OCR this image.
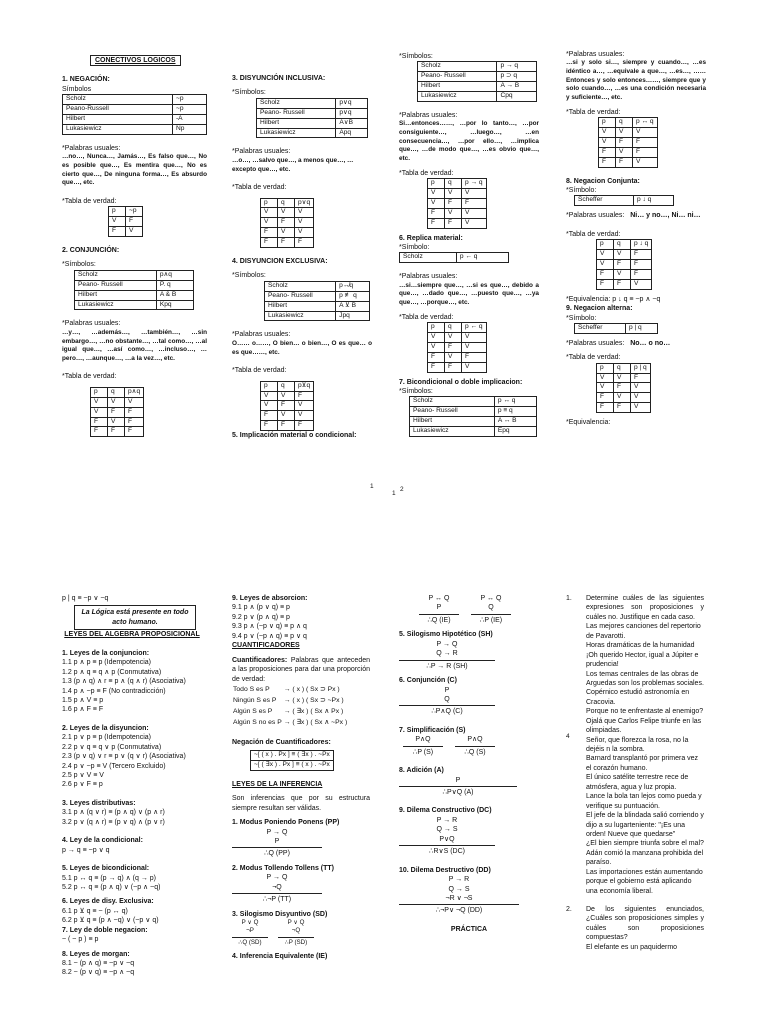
CONECTIVOS LOGICOS
1. NEGACIÓN:
Símbolos
Scholz	~p
Peano-Russell	~p
Hilbert	-A
Lukasiewicz	Np
*Palabras usuales:

…no…, Nunca…, Jamás…, Es falso que…, No es posible que…, Es mentira que…, No es cierto que…, De ninguna forma…, Es absurdo que…, etc.

*Tabla de verdad:
p	~p
V	F
F	V
2. CONJUNCIÓN:
*Símbolos:
Scholz	p∧q
Peano- Russell	P. q
Hilbert	A & B
Lukasiewicz	Kpq
*Palabras usuales:

…y…, …además…, …también…, …sin embargo…, …no obstante…, …tal como…, …al igual que…, …así como…, …incluso…, …pero…, …aunque…, …a la vez…, etc.

*Tabla de verdad:
p	q	p∧q
V	V	V
V	F	F
F	V	F
F	F	F
3. DISYUNCIÓN INCLUSIVA:
*Símbolos:
Scholz	p∨q
Peano- Russell	p∨q
Hilbert	A∨B
Lukasiewicz	Apq
*Palabras usuales:

…o…, …salvo que…, a menos que…, …excepto que…, etc.

*Tabla de verdad:
p	q	p∨q
V	V	V
V	F	V
F	V	V
F	F	F
4. DISYUNCION EXCLUSIVA:
*Símbolos:
Scholz	p↮q
Peano- Russell	p ≢ q
Hilbert	A ⊻ B
Lukasiewicz	Jpq
*Palabras usuales:

O…… o……, O bien… o bien…, O es que… o es que……, etc.

*Tabla de verdad:
p	q	p⊻q
V	V	F
V	F	V
F	V	V
F	F	F
5. Implicación material o condicional:
*Símbolos:
Scholz	p → q
Peano- Russell	p ⊃ q
Hilbert	A → B
Lukasiewicz	Cpq
*Palabras usuales:

Si…entonces……, …por lo tanto…, …por consiguiente…, …luego…, …en consecuencia…, …por ello…, …implica que…, …de modo que…, …es obvio que…, etc.

*Tabla de verdad:
p	q	p → q
V	V	V
V	F	F
F	V	V
F	F	V
6. Replica material:
*Símbolo:
Scholz	p ← q
*Palabras usuales:

…si…siempre que…, …si es que…, debido a que…, …dado que…, …puesto que…, …ya que…, …porque…, etc.

*Tabla de verdad:
p	q	p ← q
V	V	V
V	F	V
F	V	F
F	F	V
7. Bicondicional o doble implicacion:
*Símbolos:
Scholz	p ↔ q
Peano- Russell	p ≡ q
Hilbert	A ↔ B
Lukasiewicz	Epq
*Palabras usuales:

…si y solo si…, siempre y cuando…, …es idéntico a…, …equivale a que…, …es…, ……Entonces y solo entonces……, siempre que y solo cuando…, …es una condición necesaria y suficiente…, etc.

*Tabla de verdad:
p	q	p ↔ q
V	V	V
V	F	F
F	V	F
F	F	V
8. Negacion Conjunta:
*Símbolo:
Scheffer	p ↓ q
*Palabras usuales: Ni… y no…, Ni… ni…
*Tabla de verdad:
p	q	p ↓ q
V	V	F
V	F	F
F	V	F
F	F	V
*Equivalencia: p ↓ q ≡ ~p ∧ ~q
9. Negacion alterna:
*Símbolo:
Scheffer	p | q
*Palabras usuales: No… o no…
*Tabla de verdad:
p	q	p | q
V	V	F
V	F	V
F	V	V
F	F	V
*Equivalencia:
1
1
2
p | q ≡ ~p ∨ ~q
La Lógica está presente en todo acto humano.
LEYES DEL ALGEBRA PROPOSICIONAL
1. Leyes de la conjuncion:
1.1 p ∧ p ≡ p (Idempotencia)
1.2 p ∧ q ≡ q ∧ p (Conmutativa)
1.3 (p ∧ q) ∧ r ≡ p ∧ (q ∧ r) (Asociativa)
1.4 p ∧ ~p ≡ F (No contradicción)
1.5 p ∧ V ≡ p
1.6 p ∧ F ≡ F
2. Leyes de la disyuncion:
2.1 p ∨ p ≡ p (Idempotencia)
2.2 p ∨ q ≡ q ∨ p (Conmutativa)
2.3 (p ∨ q) ∨ r ≡ p ∨ (q ∨ r) (Asociativa)
2.4 p ∨ ~p ≡ V (Tercero Excluido)
2.5 p ∨ V ≡ V
2.6 p ∨ F ≡ p
3. Leyes distributivas:
3.1 p ∧ (q ∨ r) ≡ (p ∧ q) ∨ (p ∧ r)
3.2 p ∨ (q ∧ r) ≡ (p ∨ q) ∧ (p ∨ r)
4. Ley de la condicional:
p → q ≡ ~p ∨ q
5. Leyes de bicondicional:
5.1 p ↔ q ≡ (p → q) ∧ (q → p)
5.2 p ↔ q ≡ (p ∧ q) ∨ (~p ∧ ~q)
6. Leyes de disy. Exclusiva:
6.1 p ⊻ q ≡ ~ (p ↔ q)
6.2 p ⊻ q ≡ (p ∧ ~q) ∨ (~p ∨ q)
7. Ley de doble negacion:
~ ( ~ p ) ≡ p
8. Leyes de morgan:
8.1 ~ (p ∧ q) ≡ ~p ∨ ~q
8.2 ~ (p ∨ q) ≡ ~p ∧ ~q
9. Leyes de absorcion:
9.1 p ∧ (p ∨ q) ≡ p
9.2 p ∨ (p ∧ q) ≡ p
9.3 p ∧ (~p ∨ q) ≡ p ∧ q
9.4 p ∨ (~p ∧ q) ≡ p ∨ q
CUANTIFICADORES

Cuantificadores: Palabras que anteceden a las proposiciones para dar una proporción de verdad:

Todo S es P	→ ( x ) ( Sx ⊃ Px )
Ningún S es P	→ ( x ) ( Sx ⊃ ~Px )
Algún S es P	→ ( ∃x ) ( Sx ∧ Px )
Algún S no es P	→ ( ∃x ) ( Sx ∧ ~Px )
Negación de Cuantificadores:
~[ ( x ) . Px ] ≡ ( ∃x ) . ~Px
~[ ( ∃x ) . Px ] ≡ ( x ) . ~Px
LEYES DE LA INFERENCIA

Son inferencias que por su estructura siempre resultan ser válidas.

1. Modus Poniendo Ponens (PP)
P → Q
P
∴Q (PP)
2. Modus Tollendo Tollens (TT)
P → Q
¬Q
∴¬P (TT)
3. Silogismo Disyuntivo (SD)
P ∨ Q
¬P
∴Q (SD)
P ∨ Q
¬Q
∴P (SD)
4. Inferencia Equivalente (IE)
P ↔ Q
P
∴Q (IE)
P ↔ Q
Q
∴P (IE)
5. Silogismo Hipotético (SH)
P → Q
Q → R
∴P → R (SH)
6. Conjunción (C)
P
Q
∴P∧Q (C)
7. Simplificación (S)
P∧Q
∴P (S)
P∧Q
∴Q (S)
8. Adición (A)
P
∴P∨Q (A)
9. Dilema Constructivo (DC)
P → R
Q → S
P∨Q
∴R∨S (DC)
10. Dilema Destructivo (DD)
P → R
Q → S
¬R ∨ ¬S
∴¬P∨ ¬Q (DD)
PRÁCTICA
1.	Determine cuáles de las siguientes expresiones son proposiciones y cuáles no. Justifique en cada caso.

Las mejores canciones del repertorio de Pavarotti.
Horas dramáticas de la humanidad
¡Oh querido Hector, igual a Júpiter e prudencia!
Los temas centrales de las obras de Arguedas son los problemas sociales.
Copérnico estudió astronomía en Cracovia.
Porque no te enfrentaste al enemigo?
Ojalá que Carlos Felipe triunfe en las olimpiadas.
Señor, que florezca la rosa, no la dejéis n la sombra.
Barnard transplantó por primera vez el corazón humano.
El único satélite terrestre rece de atmósfera, agua y luz propia.
Lance la bola tan lejos como pueda y verifique su puntuación.
El jefe de la blindada salió corriendo y dijo a su lugarteniente: "¡Es una orden! Nueve que quedarse"
¿El bien siempre triunfa sobre el mal?
Adán comió la manzana prohibida del paraíso.
Las importaciones están aumentando porque el gobierno está aplicando una economía liberal.
2.	De los siguientes enunciados, ¿Cuáles son proposiciones simples y cuáles son proposiciones compuestas?

El elefante es un paquidermo
4
